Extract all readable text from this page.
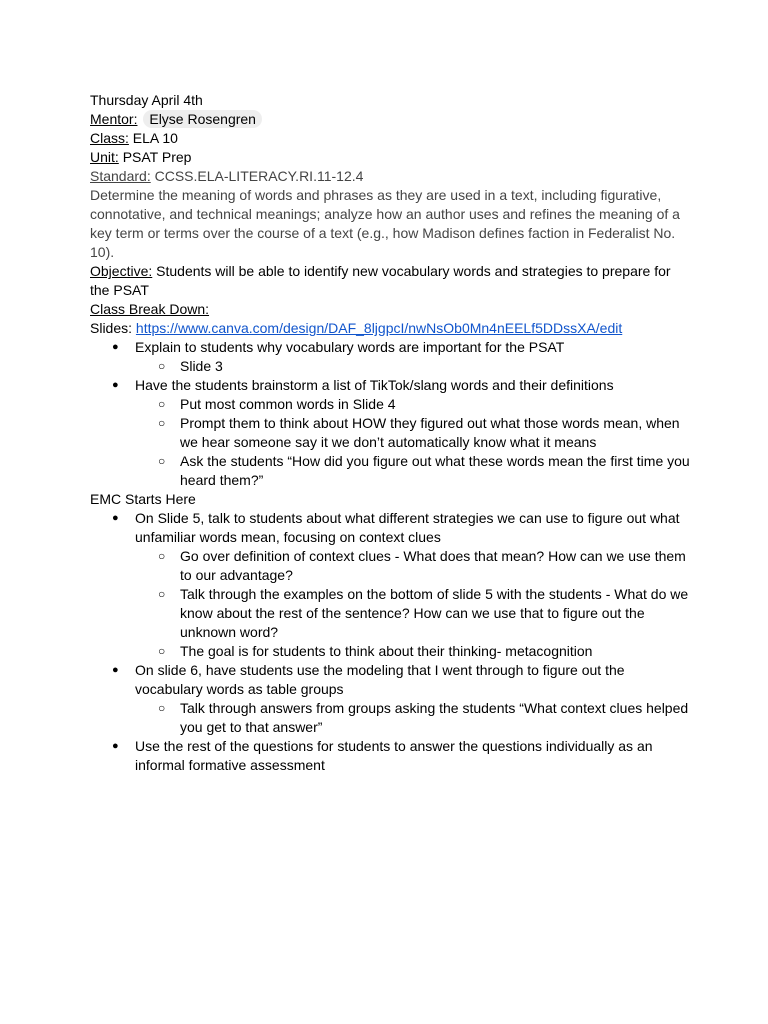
Thursday April 4th

Mentor: Elyse Rosengren

Class: ELA 10

Unit: PSAT Prep

Standard: CCSS.ELA-LITERACY.RI.11-12.4

Determine the meaning of words and phrases as they are used in a text, including figurative, connotative, and technical meanings; analyze how an author uses and refines the meaning of a key term or terms over the course of a text (e.g., how Madison defines faction in Federalist No. 10).

Objective: Students will be able to identify new vocabulary words and strategies to prepare for the PSAT

Class Break Down:

Slides: https://www.canva.com/design/DAF_8ljgpcI/nwNsOb0Mn4nEELf5DDssXA/edit

● Explain to students why vocabulary words are important for the PSAT
○ Slide 3
● Have the students brainstorm a list of TikTok/slang words and their definitions
○ Put most common words in Slide 4
○ Prompt them to think about HOW they figured out what those words mean, when we hear someone say it we don’t automatically know what it means
○ Ask the students “How did you figure out what these words mean the first time you heard them?”

EMC Starts Here

● On Slide 5, talk to students about what different strategies we can use to figure out what unfamiliar words mean, focusing on context clues
○ Go over definition of context clues - What does that mean? How can we use them to our advantage?
○ Talk through the examples on the bottom of slide 5 with the students - What do we know about the rest of the sentence? How can we use that to figure out the unknown word?
○ The goal is for students to think about their thinking- metacognition
● On slide 6, have students use the modeling that I went through to figure out the vocabulary words as table groups
○ Talk through answers from groups asking the students “What context clues helped you get to that answer”
● Use the rest of the questions for students to answer the questions individually as an informal formative assessment
